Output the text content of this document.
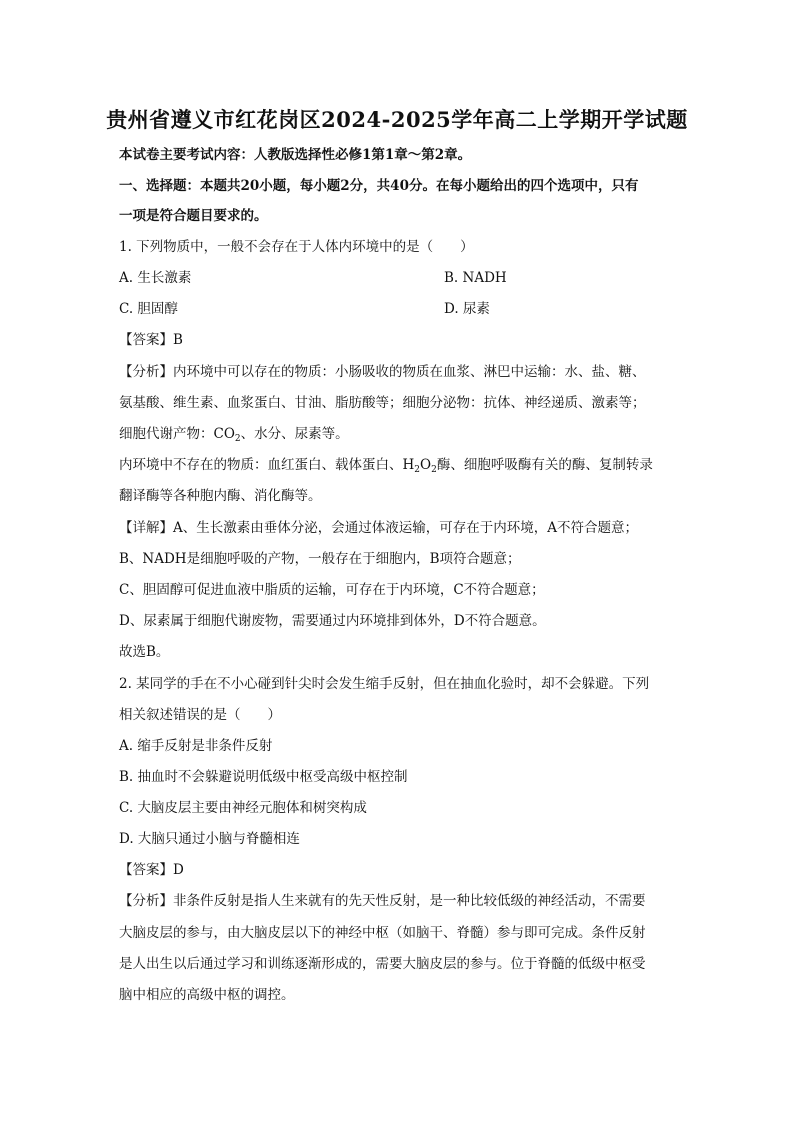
贵州省遵义市红花岗区2024-2025学年高二上学期开学试题
本试卷主要考试内容：人教版选择性必修1第1章～第2章。
一、选择题：本题共20小题，每小题2分，共40分。在每小题给出的四个选项中，只有
一项是符合题目要求的。
1. 下列物质中，一般不会存在于人体内环境中的是（　　）
A. 生长激素	B. NADH
C. 胆固醇	D. 尿素
【答案】B
【分析】内环境中可以存在的物质：小肠吸收的物质在血浆、淋巴中运输：水、盐、糖、
氨基酸、维生素、血浆蛋白、甘油、脂肪酸等；细胞分泌物：抗体、神经递质、激素等；
细胞代谢产物：$CO_2$、水分、尿素等。
内环境中不存在的物质：血红蛋白、载体蛋白、$H_2O_2$酶、细胞呼吸酶有关的酶、复制转录
翻译酶等各种胞内酶、消化酶等。
【详解】A、生长激素由垂体分泌，会通过体液运输，可存在于内环境，A不符合题意；
B、NADH是细胞呼吸的产物，一般存在于细胞内，B项符合题意；
C、胆固醇可促进血液中脂质的运输，可存在于内环境，C不符合题意；
D、尿素属于细胞代谢废物，需要通过内环境排到体外，D不符合题意。
故选B。
2. 某同学的手在不小心碰到针尖时会发生缩手反射，但在抽血化验时，却不会躲避。下列
相关叙述错误的是（　　）
A. 缩手反射是非条件反射
B. 抽血时不会躲避说明低级中枢受高级中枢控制
C. 大脑皮层主要由神经元胞体和树突构成
D. 大脑只通过小脑与脊髓相连
【答案】D
【分析】非条件反射是指人生来就有的先天性反射，是一种比较低级的神经活动，不需要
大脑皮层的参与，由大脑皮层以下的神经中枢（如脑干、脊髓）参与即可完成。条件反射
是人出生以后通过学习和训练逐渐形成的，需要大脑皮层的参与。位于脊髓的低级中枢受
脑中相应的高级中枢的调控。
